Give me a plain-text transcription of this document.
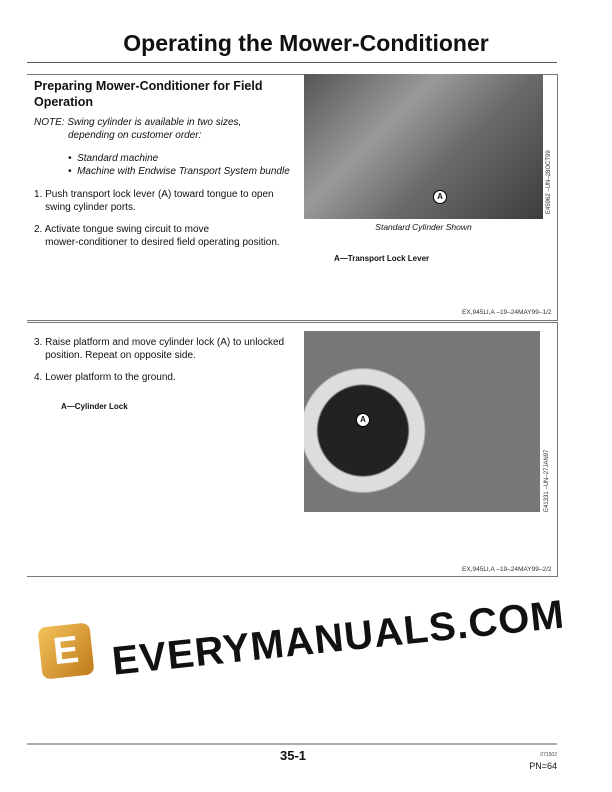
Operating the Mower-Conditioner
Preparing Mower-Conditioner for Field Operation
NOTE: Swing cylinder is available in two sizes,
depending on customer order:
•  Standard machine
•  Machine with Endwise Transport System bundle
1. Push transport lock lever (A) toward tongue to open
swing cylinder ports.
2. Activate tongue swing circuit to move
mower-conditioner to desired field operating position.
A	E45962 –UN–28OCT99
Standard Cylinder Shown
A—Transport Lock Lever
EX,945LI,A –19–24MAY99–1/2
3. Raise platform and move cylinder lock (A) to unlocked
position. Repeat on opposite side.
4. Lower platform to the ground.
A—Cylinder Lock
A
E41331 –UN–27JAN97
EX,945LI,A –19–24MAY99–2/2
E EVERYMANUALS.COM
35-1	071502
PN=64
